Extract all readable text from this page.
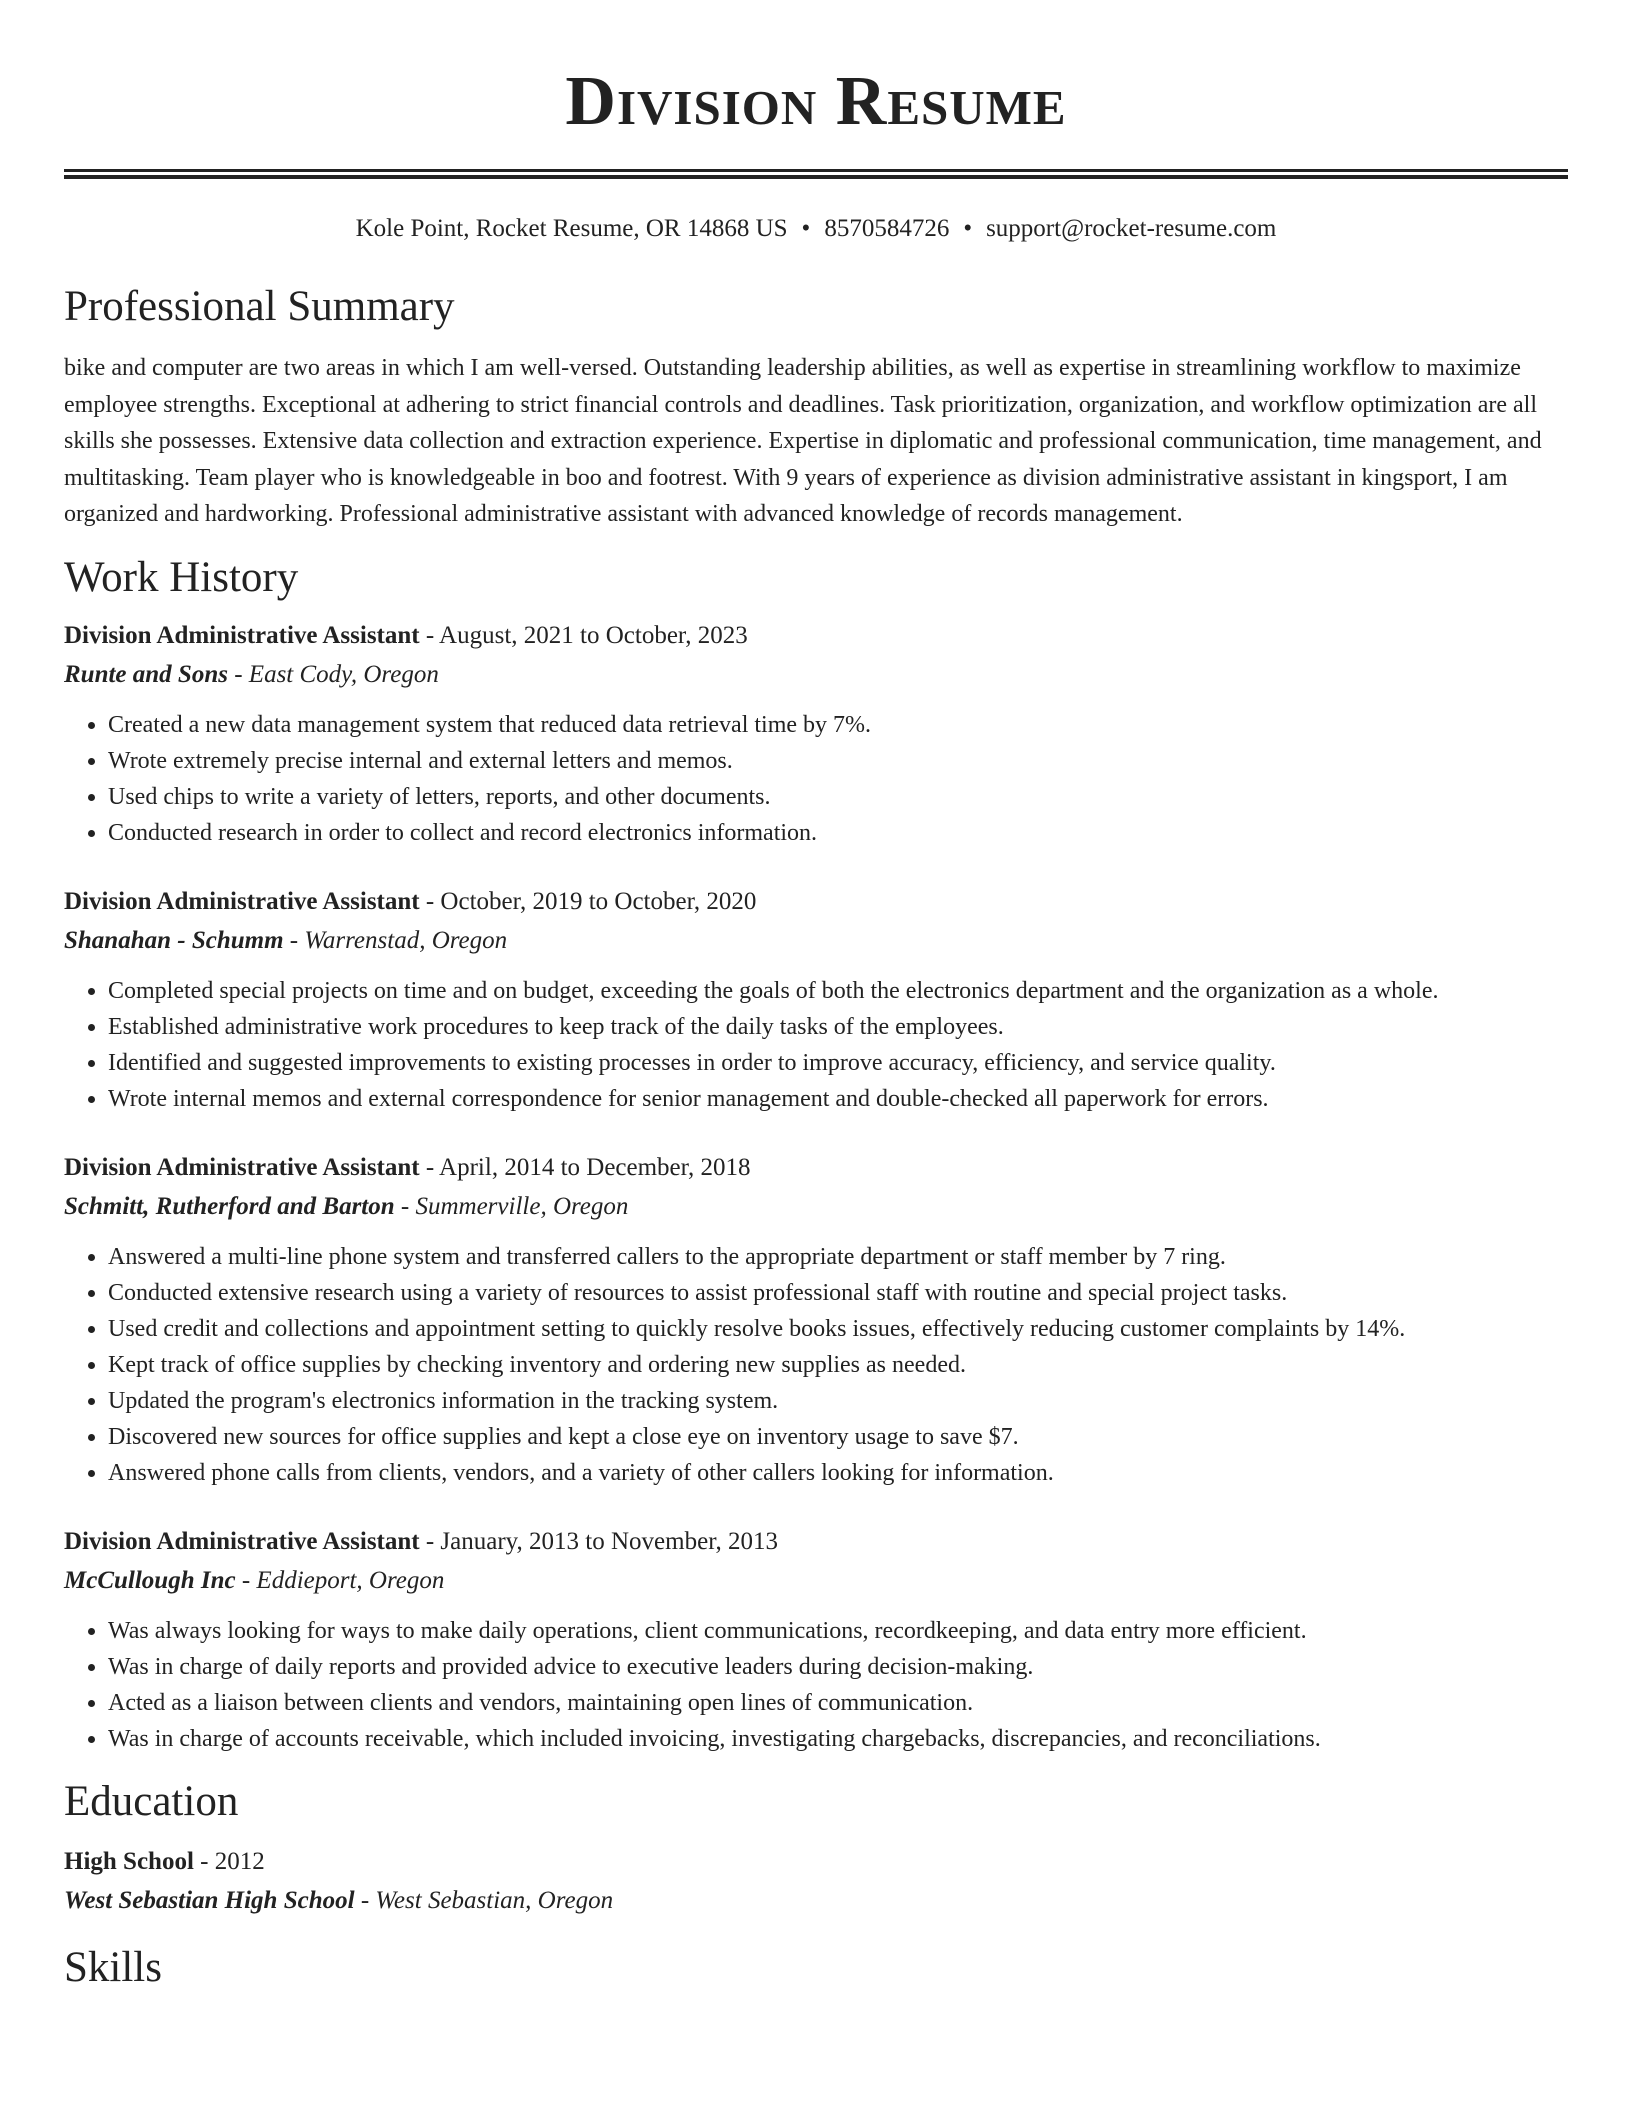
Division Resume
Kole Point, Rocket Resume, OR 14868 US • 8570584726 • support@rocket-resume.com
Professional Summary
bike and computer are two areas in which I am well-versed. Outstanding leadership abilities, as well as expertise in streamlining workflow to maximize employee strengths. Exceptional at adhering to strict financial controls and deadlines. Task prioritization, organization, and workflow optimization are all skills she possesses. Extensive data collection and extraction experience. Expertise in diplomatic and professional communication, time management, and multitasking. Team player who is knowledgeable in boo and footrest. With 9 years of experience as division administrative assistant in kingsport, I am organized and hardworking. Professional administrative assistant with advanced knowledge of records management.
Work History
Division Administrative Assistant - August, 2021 to October, 2023
Runte and Sons - East Cody, Oregon
• Created a new data management system that reduced data retrieval time by 7%.
• Wrote extremely precise internal and external letters and memos.
• Used chips to write a variety of letters, reports, and other documents.
• Conducted research in order to collect and record electronics information.
Division Administrative Assistant - October, 2019 to October, 2020
Shanahan - Schumm - Warrenstad, Oregon
• Completed special projects on time and on budget, exceeding the goals of both the electronics department and the organization as a whole.
• Established administrative work procedures to keep track of the daily tasks of the employees.
• Identified and suggested improvements to existing processes in order to improve accuracy, efficiency, and service quality.
• Wrote internal memos and external correspondence for senior management and double-checked all paperwork for errors.
Division Administrative Assistant - April, 2014 to December, 2018
Schmitt, Rutherford and Barton - Summerville, Oregon
• Answered a multi-line phone system and transferred callers to the appropriate department or staff member by 7 ring.
• Conducted extensive research using a variety of resources to assist professional staff with routine and special project tasks.
• Used credit and collections and appointment setting to quickly resolve books issues, effectively reducing customer complaints by 14%.
• Kept track of office supplies by checking inventory and ordering new supplies as needed.
• Updated the program's electronics information in the tracking system.
• Discovered new sources for office supplies and kept a close eye on inventory usage to save $7.
• Answered phone calls from clients, vendors, and a variety of other callers looking for information.
Division Administrative Assistant - January, 2013 to November, 2013
McCullough Inc - Eddieport, Oregon
• Was always looking for ways to make daily operations, client communications, recordkeeping, and data entry more efficient.
• Was in charge of daily reports and provided advice to executive leaders during decision-making.
• Acted as a liaison between clients and vendors, maintaining open lines of communication.
• Was in charge of accounts receivable, which included invoicing, investigating chargebacks, discrepancies, and reconciliations.
Education
High School - 2012
West Sebastian High School - West Sebastian, Oregon
Skills
